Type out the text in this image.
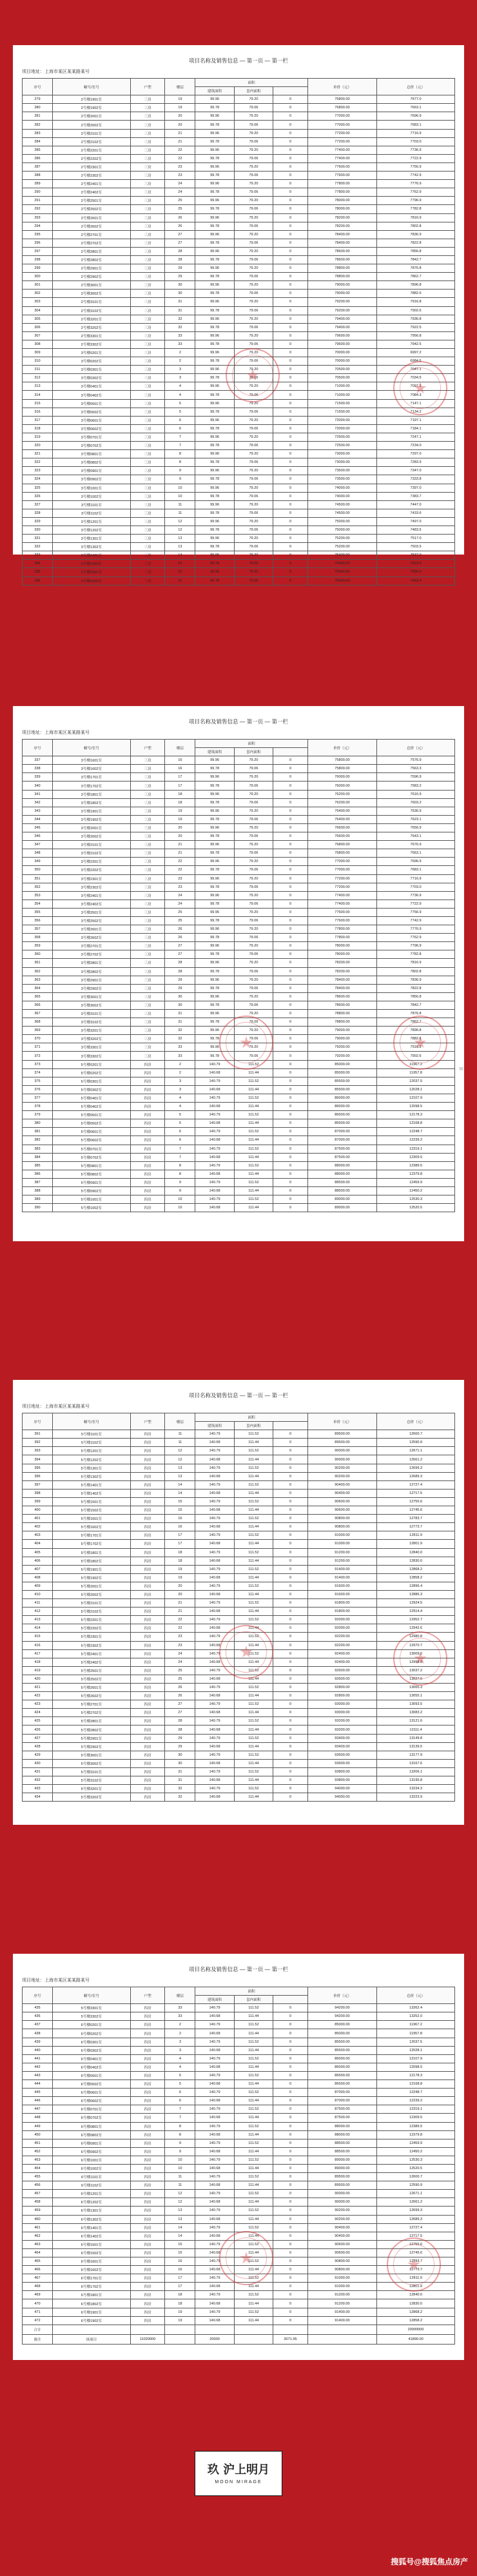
项目名称及销售信息 — 第一页 — 第一栏
项目地址：上海市某区某某路某号
序号	幢号/室号	户型	楼层	面积			单价（元）	总价（元）
				建筑面积	套内面积			
279	2号楼1901室	三房	19	99.96	79.20	0	76800.00	7677.0
280	2号楼1902室	三房	19	99.78	79.06	0	76800.00	7663.1
281	2号楼2001室	三房	20	99.96	79.20	0	77000.00	7696.9
282	2号楼2002室	三房	20	99.78	79.06	0	77000.00	7683.1
283	2号楼2101室	三房	21	99.96	79.20	0	77200.00	7716.9
284	2号楼2102室	三房	21	99.78	79.06	0	77200.00	7703.0
285	2号楼2201室	三房	22	99.96	79.20	0	77400.00	7736.9
286	2号楼2202室	三房	22	99.78	79.06	0	77400.00	7722.9
287	2号楼2301室	三房	23	99.96	79.20	0	77600.00	7756.9
288	2号楼2302室	三房	23	99.78	79.06	0	77600.00	7742.9
289	2号楼2401室	三房	24	99.96	79.20	0	77800.00	7776.9
290	2号楼2402室	三房	24	99.78	79.06	0	77800.00	7762.9
291	2号楼2501室	三房	25	99.96	79.20	0	78000.00	7796.9
292	2号楼2502室	三房	25	99.78	79.06	0	78000.00	7782.8
293	2号楼2601室	三房	26	99.96	79.20	0	78200.00	7816.9
294	2号楼2602室	三房	26	99.78	79.06	0	78200.00	7802.8
295	2号楼2701室	三房	27	99.96	79.20	0	78400.00	7836.9
296	2号楼2702室	三房	27	99.78	79.06	0	78400.00	7822.8
297	2号楼2801室	三房	28	99.96	79.20	0	78600.00	7856.8
298	2号楼2802室	三房	28	99.78	79.06	0	78600.00	7842.7
299	2号楼2901室	三房	29	99.96	79.20	0	78800.00	7876.8
300	2号楼2902室	三房	29	99.78	79.06	0	78800.00	7862.7
301	2号楼3001室	三房	30	99.96	79.20	0	79000.00	7896.8
302	2号楼3002室	三房	30	99.78	79.06	0	79000.00	7882.6
303	2号楼3101室	三房	31	99.96	79.20	0	79200.00	7916.8
304	2号楼3102室	三房	31	99.78	79.06	0	79200.00	7902.6
305	2号楼3201室	三房	32	99.96	79.20	0	79400.00	7936.8
306	2号楼3202室	三房	32	99.78	79.06	0	79400.00	7922.5
307	2号楼3301室	三房	33	99.96	79.20	0	79600.00	7956.8
308	2号楼3302室	三房	33	99.78	79.06	0	79600.00	7942.5
309	3号楼0201室	三房	2	99.96	79.20	0	70000.00	6997.2
310	3号楼0202室	三房	2	99.78	79.06	0	70000.00	6984.6
311	3号楼0301室	三房	3	99.96	79.20	0	70500.00	7047.1
312	3号楼0302室	三房	3	99.78	79.06	0	70500.00	7034.5
313	3号楼0401室	三房	4	99.96	79.20	0	71000.00	7097.1
314	3号楼0402室	三房	4	99.78	79.06	0	71000.00	7084.3
315	3号楼0501室	三房	5	99.96	79.20	0	71500.00	7147.1
316	3号楼0502室	三房	5	99.78	79.06	0	71500.00	7134.2
317	3号楼0601室	三房	6	99.96	79.20	0	72000.00	7197.1
318	3号楼0602室	三房	6	99.78	79.06	0	72000.00	7184.1
319	3号楼0701室	三房	7	99.96	79.20	0	72500.00	7247.1
320	3号楼0702室	三房	7	99.78	79.06	0	72500.00	7234.0
321	3号楼0801室	三房	8	99.96	79.20	0	73000.00	7297.0
322	3号楼0802室	三房	8	99.78	79.06	0	73000.00	7283.9
323	3号楼0901室	三房	9	99.96	79.20	0	73500.00	7347.0
324	3号楼0902室	三房	9	99.78	79.06	0	73500.00	7333.8
325	3号楼1001室	三房	10	99.96	79.20	0	74000.00	7397.0
326	3号楼1002室	三房	10	99.78	79.06	0	74000.00	7383.7
327	3号楼1101室	三房	11	99.96	79.20	0	74500.00	7447.0
328	3号楼1102室	三房	11	99.78	79.06	0	74500.00	7433.6
329	3号楼1201室	三房	12	99.96	79.20	0	75000.00	7497.0
330	3号楼1202室	三房	12	99.78	79.06	0	75000.00	7483.5
331	3号楼1301室	三房	13	99.96	79.20	0	75200.00	7517.0
332	3号楼1302室	三房	13	99.78	79.06	0	75200.00	7503.5
333	3号楼1401室	三房	14	99.96	79.20	0	75400.00	7537.0
334	3号楼1402室	三房	14	99.78	79.06	0	75400.00	7523.4
335	3号楼1501室	三房	15	99.96	79.20	0	75600.00	7556.9
336	3号楼1502室	三房	15	99.78	79.06	0	75600.00	7543.4
项目名称及销售信息 — 第一页 — 第一栏
项目地址：上海市某区某某路某号
序号	幢号/室号	户型	楼层	面积			单价（元）	总价（元）
				建筑面积	套内面积			
337	3号楼1601室	三房	16	99.96	79.20	0	75800.00	7576.9
338	3号楼1602室	三房	16	99.78	79.06	0	75800.00	7563.3
339	3号楼1701室	三房	17	99.96	79.20	0	76000.00	7596.9
340	3号楼1702室	三房	17	99.78	79.06	0	76000.00	7583.2
341	3号楼1801室	三房	18	99.96	79.20	0	76200.00	7616.9
342	3号楼1802室	三房	18	99.78	79.06	0	76200.00	7603.2
343	3号楼1901室	三房	19	99.96	79.20	0	76400.00	7636.9
344	3号楼1902室	三房	19	99.78	79.06	0	76400.00	7623.1
345	3号楼2001室	三房	20	99.96	79.20	0	76600.00	7656.9
346	3号楼2002室	三房	20	99.78	79.06	0	76600.00	7643.1
347	3号楼2101室	三房	21	99.96	79.20	0	76800.00	7676.9
348	3号楼2102室	三房	21	99.78	79.06	0	76800.00	7663.1
349	3号楼2201室	三房	22	99.96	79.20	0	77000.00	7696.9
350	3号楼2202室	三房	22	99.78	79.06	0	77000.00	7683.1
351	3号楼2301室	三房	23	99.96	79.20	0	77200.00	7716.9
352	3号楼2302室	三房	23	99.78	79.06	0	77200.00	7703.0
353	3号楼2401室	三房	24	99.96	79.20	0	77400.00	7736.9
354	3号楼2402室	三房	24	99.78	79.06	0	77400.00	7722.9
355	3号楼2501室	三房	25	99.96	79.20	0	77600.00	7756.9
356	3号楼2502室	三房	25	99.78	79.06	0	77600.00	7742.9
357	3号楼2601室	三房	26	99.96	79.20	0	77800.00	7776.9
358	3号楼2602室	三房	26	99.78	79.06	0	77800.00	7762.9
359	3号楼2701室	三房	27	99.96	79.20	0	78000.00	7796.9
360	3号楼2702室	三房	27	99.78	79.06	0	78000.00	7782.8
361	3号楼2801室	三房	28	99.96	79.20	0	78200.00	7816.9
362	3号楼2802室	三房	28	99.78	79.06	0	78200.00	7802.8
363	3号楼2901室	三房	29	99.96	79.20	0	78400.00	7836.9
364	3号楼2902室	三房	29	99.78	79.06	0	78400.00	7822.8
365	3号楼3001室	三房	30	99.96	79.20	0	78600.00	7856.8
366	3号楼3002室	三房	30	99.78	79.06	0	78600.00	7842.7
367	3号楼3101室	三房	31	99.96	79.20	0	78800.00	7876.8
368	3号楼3102室	三房	31	99.78	79.06	0	78800.00	7862.7
369	3号楼3201室	三房	32	99.96	79.20	0	79000.00	7896.8
370	3号楼3202室	三房	32	99.78	79.06	0	79000.00	7882.6
371	3号楼3301室	三房	33	99.96	79.20	0	79200.00	7916.8
372	3号楼3302室	三房	33	99.78	79.06	0	79200.00	7902.6
373	5号楼0201室	四房	2	140.79	111.52	0	85000.00	11967.2
374	5号楼0202室	四房	2	140.68	111.44	0	85000.00	11957.8
375	5号楼0301室	四房	3	140.79	111.52	0	85500.00	12037.5
376	5号楼0302室	四房	3	140.68	111.44	0	85500.00	12028.1
377	5号楼0401室	四房	4	140.79	111.52	0	86000.00	12107.9
378	5号楼0402室	四房	4	140.68	111.44	0	86000.00	12098.5
379	5号楼0501室	四房	5	140.79	111.52	0	86500.00	12178.3
380	5号楼0502室	四房	5	140.68	111.44	0	86500.00	12168.8
381	5号楼0601室	四房	6	140.79	111.52	0	87000.00	12248.7
382	5号楼0602室	四房	6	140.68	111.44	0	87000.00	12239.2
383	5号楼0701室	四房	7	140.79	111.52	0	87500.00	12319.1
384	5号楼0702室	四房	7	140.68	111.44	0	87500.00	12309.5
385	5号楼0801室	四房	8	140.79	111.52	0	88000.00	12389.5
386	5号楼0802室	四房	8	140.68	111.44	0	88000.00	12379.8
387	5号楼0901室	四房	9	140.79	111.52	0	88500.00	12459.9
388	5号楼0902室	四房	9	140.68	111.44	0	88500.00	12450.2
389	5号楼1001室	四房	10	140.79	111.52	0	89000.00	12530.3
390	5号楼1002室	四房	10	140.68	111.44	0	89000.00	12520.5
|||
项目名称及销售信息 — 第一页 — 第一栏
项目地址：上海市某区某某路某号
序号	幢号/室号	户型	楼层	面积			单价（元）	总价（元）
				建筑面积	套内面积			
391	5号楼1101室	四房	11	140.79	111.52	0	89500.00	12600.7
392	5号楼1102室	四房	11	140.68	111.44	0	89500.00	12590.9
393	5号楼1201室	四房	12	140.79	111.52	0	90000.00	12671.1
394	5号楼1202室	四房	12	140.68	111.44	0	90000.00	12661.2
395	5号楼1301室	四房	13	140.79	111.52	0	90200.00	12699.3
396	5号楼1302室	四房	13	140.68	111.44	0	90200.00	12689.3
397	5号楼1401室	四房	14	140.79	111.52	0	90400.00	12727.4
398	5号楼1402室	四房	14	140.68	111.44	0	90400.00	12717.5
399	5号楼1501室	四房	15	140.79	111.52	0	90600.00	12755.6
400	5号楼1502室	四房	15	140.68	111.44	0	90600.00	12745.6
401	5号楼1601室	四房	16	140.79	111.52	0	90800.00	12783.7
402	5号楼1602室	四房	16	140.68	111.44	0	90800.00	12773.7
403	5号楼1701室	四房	17	140.79	111.52	0	91000.00	12811.9
404	5号楼1702室	四房	17	140.68	111.44	0	91000.00	12801.9
405	5号楼1801室	四房	18	140.79	111.52	0	91200.00	12840.0
406	5号楼1802室	四房	18	140.68	111.44	0	91200.00	12830.0
407	5号楼1901室	四房	19	140.79	111.52	0	91400.00	12868.2
408	5号楼1902室	四房	19	140.68	111.44	0	91400.00	12858.2
409	5号楼2001室	四房	20	140.79	111.52	0	91600.00	12896.4
410	5号楼2002室	四房	20	140.68	111.44	0	91600.00	12886.3
411	5号楼2101室	四房	21	140.79	111.52	0	91800.00	12924.5
412	5号楼2102室	四房	21	140.68	111.44	0	91800.00	12914.4
413	5号楼2201室	四房	22	140.79	111.52	0	92000.00	12952.7
414	5号楼2202室	四房	22	140.68	111.44	0	92000.00	12942.6
415	5号楼2301室	四房	23	140.79	111.52	0	92200.00	12980.8
416	5号楼2302室	四房	23	140.68	111.44	0	92200.00	12970.7
417	5号楼2401室	四房	24	140.79	111.52	0	92400.00	13009.0
418	5号楼2402室	四房	24	140.68	111.44	0	92400.00	12998.8
419	5号楼2501室	四房	25	140.79	111.52	0	92600.00	13037.2
420	5号楼2502室	四房	25	140.68	111.44	0	92600.00	13027.0
421	5号楼2601室	四房	26	140.79	111.52	0	92800.00	13065.3
422	5号楼2602室	四房	26	140.68	111.44	0	92800.00	13055.1
423	5号楼2701室	四房	27	140.79	111.52	0	93000.00	13093.5
424	5号楼2702室	四房	27	140.68	111.44	0	93000.00	13083.2
425	5号楼2801室	四房	28	140.79	111.52	0	93200.00	13121.6
426	5号楼2802室	四房	28	140.68	111.44	0	93200.00	13111.4
427	5号楼2901室	四房	29	140.79	111.52	0	93400.00	13149.8
428	5号楼2902室	四房	29	140.68	111.44	0	93400.00	13139.5
429	5号楼3001室	四房	30	140.79	111.52	0	93600.00	13177.9
430	5号楼3002室	四房	30	140.68	111.44	0	93600.00	13167.6
431	5号楼3101室	四房	31	140.79	111.52	0	93800.00	13206.1
432	5号楼3102室	四房	31	140.68	111.44	0	93800.00	13195.8
433	5号楼3201室	四房	32	140.79	111.52	0	94000.00	13234.3
434	5号楼3202室	四房	32	140.68	111.44	0	94000.00	13223.9
项目名称及销售信息 — 第一页 — 第一栏
项目地址：上海市某区某某路某号
序号	幢号/室号	户型	楼层	面积			单价（元）	总价（元）
				建筑面积	套内面积			
435	5号楼3301室	四房	33	140.79	111.52	0	94200.00	13262.4
436	5号楼3302室	四房	33	140.68	111.44	0	94200.00	13252.0
437	6号楼0201室	四房	2	140.79	111.52	0	85000.00	11967.2
438	6号楼0202室	四房	2	140.68	111.44	0	85000.00	11957.8
439	6号楼0301室	四房	3	140.79	111.52	0	85500.00	12037.5
440	6号楼0302室	四房	3	140.68	111.44	0	85500.00	12028.1
441	6号楼0401室	四房	4	140.79	111.52	0	86000.00	12107.9
442	6号楼0402室	四房	4	140.68	111.44	0	86000.00	12098.5
443	6号楼0501室	四房	5	140.79	111.52	0	86500.00	12178.3
444	6号楼0502室	四房	5	140.68	111.44	0	86500.00	12168.8
445	6号楼0601室	四房	6	140.79	111.52	0	87000.00	12248.7
446	6号楼0602室	四房	6	140.68	111.44	0	87000.00	12239.2
447	6号楼0701室	四房	7	140.79	111.52	0	87500.00	12319.1
448	6号楼0702室	四房	7	140.68	111.44	0	87500.00	12309.5
449	6号楼0801室	四房	8	140.79	111.52	0	88000.00	12389.5
450	6号楼0802室	四房	8	140.68	111.44	0	88000.00	12379.8
451	6号楼0901室	四房	9	140.79	111.52	0	88500.00	12459.9
452	6号楼0902室	四房	9	140.68	111.44	0	88500.00	12450.2
453	6号楼1001室	四房	10	140.79	111.52	0	89000.00	12530.3
454	6号楼1002室	四房	10	140.68	111.44	0	89000.00	12520.5
455	6号楼1101室	四房	11	140.79	111.52	0	89500.00	12600.7
456	6号楼1102室	四房	11	140.68	111.44	0	89500.00	12590.9
457	6号楼1201室	四房	12	140.79	111.52	0	90000.00	12671.1
458	6号楼1202室	四房	12	140.68	111.44	0	90000.00	12661.2
459	6号楼1301室	四房	13	140.79	111.52	0	90200.00	12699.3
460	6号楼1302室	四房	13	140.68	111.44	0	90200.00	12689.3
461	6号楼1401室	四房	14	140.79	111.52	0	90400.00	12727.4
462	6号楼1402室	四房	14	140.68	111.44	0	90400.00	12717.5
463	6号楼1501室	四房	15	140.79	111.52	0	90600.00	12755.6
464	6号楼1502室	四房	15	140.68	111.44	0	90600.00	12745.6
465	6号楼1601室	四房	16	140.79	111.52	0	90800.00	12783.7
466	6号楼1602室	四房	16	140.68	111.44	0	90800.00	12773.7
467	6号楼1701室	四房	17	140.79	111.52	0	91000.00	12811.9
468	6号楼1702室	四房	17	140.68	111.44	0	91000.00	12801.9
469	6号楼1801室	四房	18	140.79	111.52	0	91200.00	12840.0
470	6号楼1802室	四房	18	140.68	111.44	0	91200.00	12830.0
471	6号楼1901室	四房	19	140.79	111.52	0	91400.00	12868.2
472	6号楼1902室	四房	19	140.68	111.44	0	91400.00	12858.2
合计								20000000
备注	该项目	11020000		20000		3071.95		41890.00
玖 沪上明月
MOON MIRAGE
搜狐号@搜狐焦点房产
